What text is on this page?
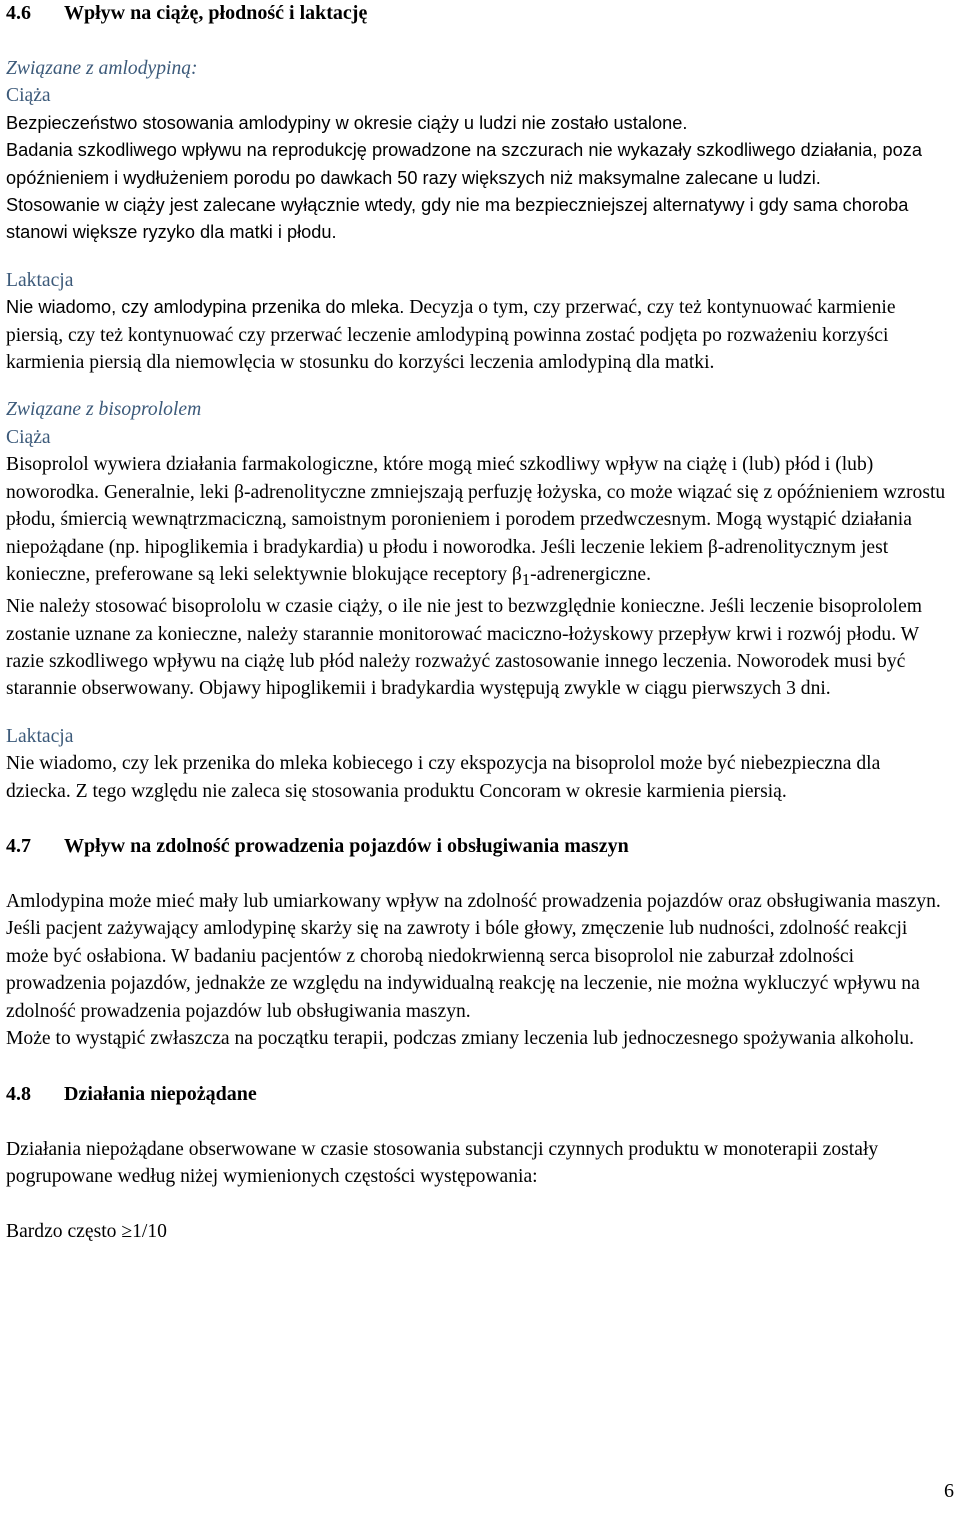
4.6	Wpływ na ciążę, płodność i laktację
Związane z amlodypiną:
Ciąża

Bezpieczeństwo stosowania amlodypiny w okresie ciąży u ludzi nie zostało ustalone.

Badania szkodliwego wpływu na reprodukcję prowadzone na szczurach nie wykazały szkodliwego działania, poza opóźnieniem i wydłużeniem porodu po dawkach 50 razy większych niż maksymalne zalecane u ludzi.

Stosowanie w ciąży jest zalecane wyłącznie wtedy, gdy nie ma bezpieczniejszej alternatywy i gdy sama choroba stanowi większe ryzyko dla matki i płodu.

Laktacja

Nie wiadomo, czy amlodypina przenika do mleka. Decyzja o tym, czy przerwać, czy też kontynuować karmienie piersią, czy też kontynuować czy przerwać leczenie amlodypiną powinna zostać podjęta po rozważeniu korzyści karmienia piersią dla niemowlęcia w stosunku do korzyści leczenia amlodypiną dla matki.

Związane z bisoprololem
Ciąża

Bisoprolol wywiera działania farmakologiczne, które mogą mieć szkodliwy wpływ na ciążę i (lub) płód i (lub) noworodka. Generalnie, leki β-adrenolityczne zmniejszają perfuzję łożyska, co może wiązać się z opóźnieniem wzrostu płodu, śmiercią wewnątrzmaciczną, samoistnym poronieniem i porodem przedwczesnym. Mogą wystąpić działania niepożądane (np. hipoglikemia i bradykardia) u płodu i noworodka. Jeśli leczenie lekiem β-adrenolitycznym jest konieczne, preferowane są leki selektywnie blokujące receptory $\beta_1$-adrenergiczne.

Nie należy stosować bisoprololu w czasie ciąży, o ile nie jest to bezwzględnie konieczne. Jeśli leczenie bisoprololem zostanie uznane za konieczne, należy starannie monitorować maciczno-łożyskowy przepływ krwi i rozwój płodu. W razie szkodliwego wpływu na ciążę lub płód należy rozważyć zastosowanie innego leczenia. Noworodek musi być starannie obserwowany. Objawy hipoglikemii i bradykardia występują zwykle w ciągu pierwszych 3 dni.

Laktacja

Nie wiadomo, czy lek przenika do mleka kobiecego i czy ekspozycja na bisoprolol może być niebezpieczna dla dziecka. Z tego względu nie zaleca się stosowania produktu Concoram w okresie karmienia piersią.

4.7	Wpływ na zdolność prowadzenia pojazdów i obsługiwania maszyn

Amlodypina może mieć mały lub umiarkowany wpływ na zdolność prowadzenia pojazdów oraz obsługiwania maszyn. Jeśli pacjent zażywający amlodypinę skarży się na zawroty i bóle głowy, zmęczenie lub nudności, zdolność reakcji może być osłabiona. W badaniu pacjentów z chorobą niedokrwienną serca bisoprolol nie zaburzał zdolności prowadzenia pojazdów, jednakże ze względu na indywidualną reakcję na leczenie, nie można wykluczyć wpływu na zdolność prowadzenia pojazdów lub obsługiwania maszyn.

Może to wystąpić zwłaszcza na początku terapii, podczas zmiany leczenia lub jednoczesnego spożywania alkoholu.

4.8	Działania niepożądane

Działania niepożądane obserwowane w czasie stosowania substancji czynnych produktu w monoterapii zostały pogrupowane według niżej wymienionych częstości występowania:

Bardzo często ≥1/10

6
